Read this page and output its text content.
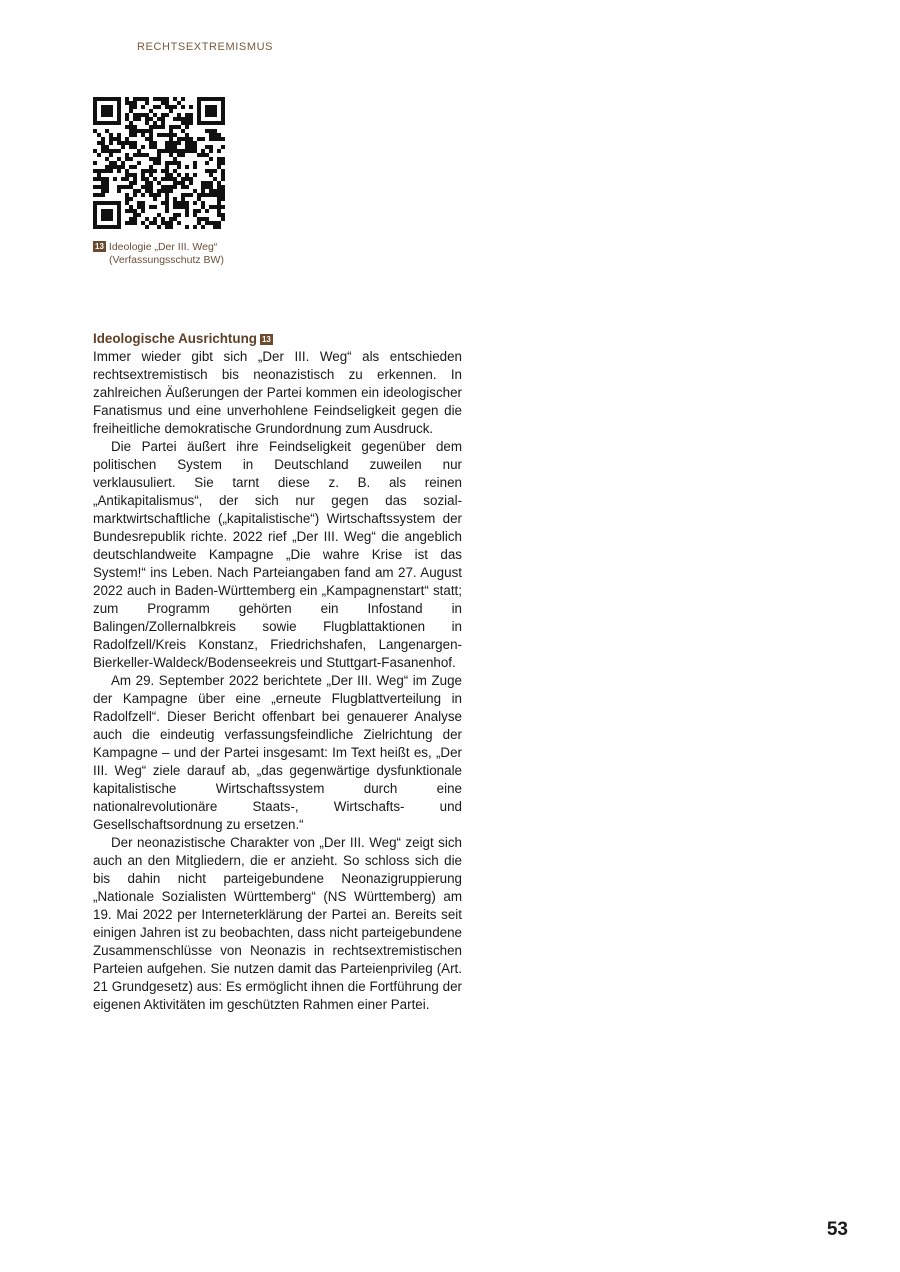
RECHTSEXTREMISMUS
13 Ideologie „Der III. Weg“
(Verfassungsschutz BW)
Ideologische Ausrichtung 13

Immer wieder gibt sich „Der III. Weg“ als entschieden rechtsextremistisch bis neonazistisch zu erkennen. In zahlreichen Äußerungen der Partei kommen ein ideologischer Fanatismus und eine unverhohlene Feindseligkeit gegen die freiheitliche demokratische Grundordnung zum Ausdruck.

Die Partei äußert ihre Feindseligkeit gegenüber dem politischen System in Deutschland zuweilen nur verklausuliert. Sie tarnt diese z. B. als reinen „Antikapitalismus“, der sich nur gegen das sozial-marktwirtschaftliche („kapitalistische“) Wirtschaftssystem der Bundesrepublik richte. 2022 rief „Der III. Weg“ die angeblich deutschlandweite Kampagne „Die wahre Krise ist das System!“ ins Leben. Nach Parteiangaben fand am 27. August 2022 auch in Baden-Württemberg ein „Kampagnenstart“ statt; zum Programm gehörten ein Infostand in Balingen/Zollernalbkreis sowie Flugblattaktionen in Radolfzell/Kreis Konstanz, Friedrichshafen, Langenargen-Bierkeller-Waldeck/Bodenseekreis und Stuttgart-Fasanenhof.

Am 29. September 2022 berichtete „Der III. Weg“ im Zuge der Kampagne über eine „erneute Flugblattverteilung in Radolfzell“. Dieser Bericht offenbart bei genauerer Analyse auch die eindeutig verfassungsfeindliche Zielrichtung der Kampagne – und der Partei insgesamt: Im Text heißt es, „Der III. Weg“ ziele darauf ab, „das gegenwärtige dysfunktionale kapitalistische Wirtschaftssystem durch eine nationalrevolutionäre Staats-, Wirtschafts- und Gesellschaftsordnung zu ersetzen.“

Der neonazistische Charakter von „Der III. Weg“ zeigt sich auch an den Mitgliedern, die er anzieht. So schloss sich die bis dahin nicht parteigebundene Neonazigruppierung „Nationale Sozialisten Württemberg“ (NS Württemberg) am 19. Mai 2022 per Interneterklärung der Partei an. Bereits seit einigen Jahren ist zu beobachten, dass nicht parteigebundene Zusammenschlüsse von Neonazis in rechtsextremistischen Parteien aufgehen. Sie nutzen damit das Parteienprivileg (Art. 21 Grundgesetz) aus: Es ermöglicht ihnen die Fortführung der eigenen Aktivitäten im geschützten Rahmen einer Partei.

53
